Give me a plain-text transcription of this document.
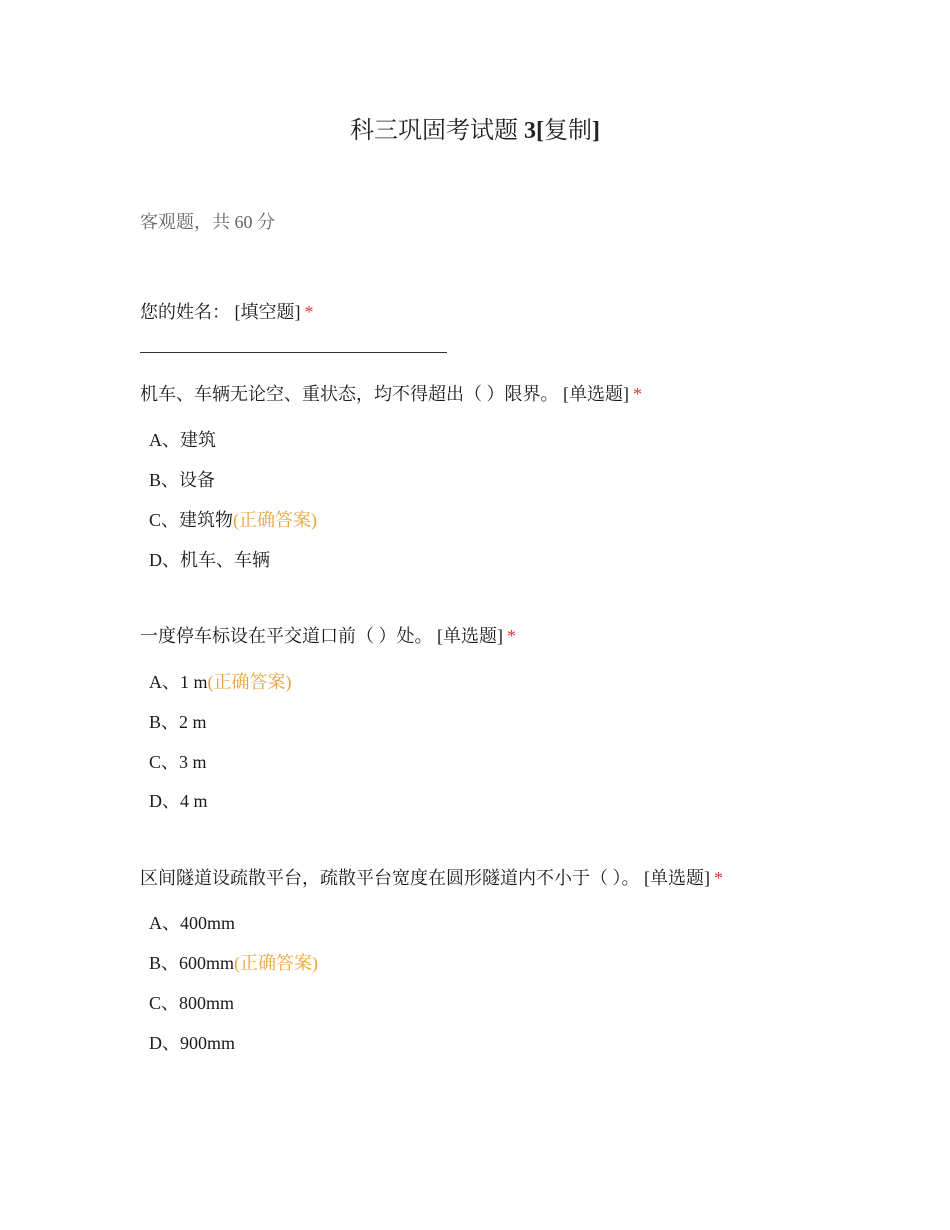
科三巩固考试题 3[复制]
客观题，共 60 分
您的姓名： [填空题] *
机车、车辆无论空、重状态，均不得超出（ ）限界。 [单选题] *
A、建筑
B、设备
C、建筑物(正确答案)
D、机车、车辆
一度停车标设在平交道口前（ ）处。 [单选题] *
A、1 m(正确答案)
B、2 m
C、3 m
D、4 m
区间隧道设疏散平台，疏散平台宽度在圆形隧道内不小于（ ）。 [单选题] *
A、400mm
B、600mm(正确答案)
C、800mm
D、900mm
